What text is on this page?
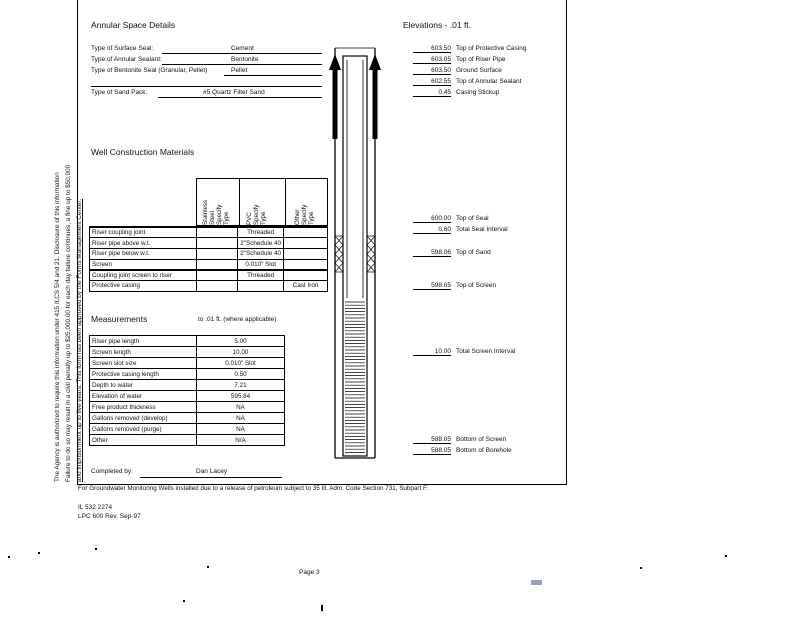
The Agency is authorized to require this information under 415 ILCS 5/4 and 21. Disclosure of this information Failure to do so may result in a civil penalty up to $25,000.00 for each day failure continues, a fine up to $50,000 and imprisonment up to five years. This form has been approved by the Forms Management Center.
Annular Space Details
Type of Surface Seal:	Cement
Type of Annular Sealant:	Bentonite
Type of Bentonite Seal (Granular, Pellet)	Pellet
Type of Sand Pack:	#5 Quartz Filter Sand
Elevations - .01 ft.
603.50 Top of Protective Casing
603.05 Top of Riser Pipe
603.50 Ground Surface
602.55 Top of Annular Sealant
0.45 Casing Stickup
600.00 Top of Seal
0.60 Total Seal Interval
598.06 Top of Sand
598.05 Top of Screen
10.00 Total Screen Interval
588.05 Bottom of Screen
588.05 Bottom of Borehole
Well Construction Materials
Stainless Steel Specify Type	PVC Specify Type	Other Specify Type
Riser coupling joint		Threaded	
Riser pipe above w.t.		2"Schedule 40	
Riser pipe below w.t.		2"Schedule 40	
Screen		0.010" Slot	
Coupling joint screen to riser		Threaded	
Protective casing			Cast Iron
Measurements	to .01 ft. (where applicable)
Riser pipe length	5.00
Screen length	10.00
Screen slot size	0.010" Slot
Protective casing length	0.50
Depth to water	7.21
Elevation of water	595.84
Free product thickness	NA
Gallons removed (develop)	NA
Gallons removed (purge)	NA
Other	N/A
Completed by:	Dan Lacey
For Groundwater Monitoring Wells installed due to a release of petroleum subject to 35 Ill. Adm. Code Section 731, Subpart F.
IL 532 2274
LPC 600 Rev. Sep-97
Page 3
